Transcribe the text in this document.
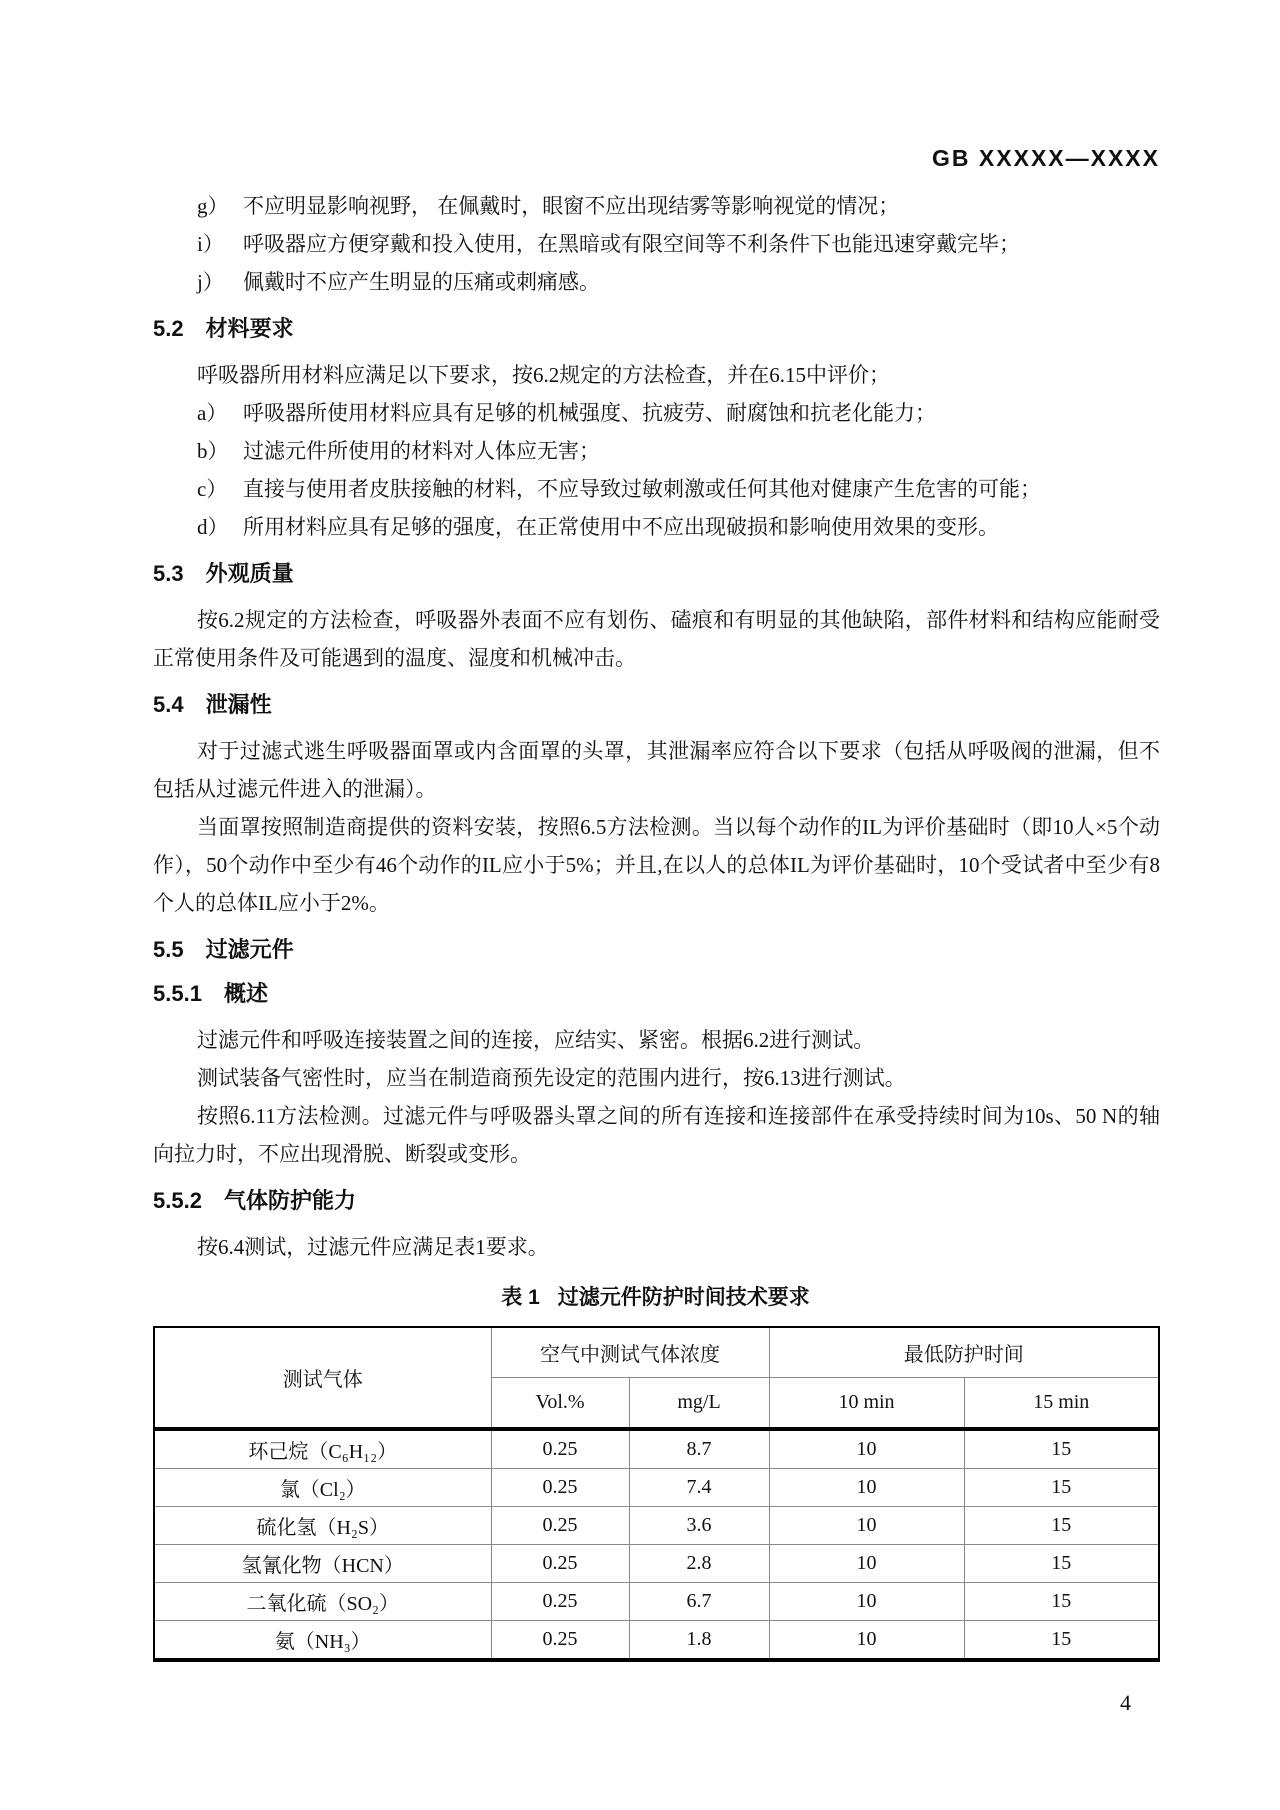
GB XXXXX—XXXX
g） 不应明显影响视野， 在佩戴时，眼窗不应出现结雾等影响视觉的情况；
i） 呼吸器应方便穿戴和投入使用，在黑暗或有限空间等不利条件下也能迅速穿戴完毕；
j） 佩戴时不应产生明显的压痛或刺痛感。
5.2 材料要求

呼吸器所用材料应满足以下要求，按6.2规定的方法检查，并在6.15中评价；

a） 呼吸器所使用材料应具有足够的机械强度、抗疲劳、耐腐蚀和抗老化能力；
b） 过滤元件所使用的材料对人体应无害；
c） 直接与使用者皮肤接触的材料，不应导致过敏刺激或任何其他对健康产生危害的可能；
d） 所用材料应具有足够的强度，在正常使用中不应出现破损和影响使用效果的变形。
5.3 外观质量

按6.2规定的方法检查，呼吸器外表面不应有划伤、磕痕和有明显的其他缺陷，部件材料和结构应能耐受正常使用条件及可能遇到的温度、湿度和机械冲击。

5.4 泄漏性

对于过滤式逃生呼吸器面罩或内含面罩的头罩，其泄漏率应符合以下要求（包括从呼吸阀的泄漏，但不包括从过滤元件进入的泄漏）。

当面罩按照制造商提供的资料安装，按照6.5方法检测。当以每个动作的IL为评价基础时（即10人×5个动作），50个动作中至少有46个动作的IL应小于5%；并且,在以人的总体IL为评价基础时，10个受试者中至少有8个人的总体IL应小于2%。

5.5 过滤元件
5.5.1 概述

过滤元件和呼吸连接装置之间的连接，应结实、紧密。根据6.2进行测试。

测试装备气密性时，应当在制造商预先设定的范围内进行，按6.13进行测试。

按照6.11方法检测。过滤元件与呼吸器头罩之间的所有连接和连接部件在承受持续时间为10s、50 N的轴向拉力时，不应出现滑脱、断裂或变形。

5.5.2 气体防护能力

按6.4测试，过滤元件应满足表1要求。

表 1 过滤元件防护时间技术要求
测试气体	空气中测试气体浓度		最低防护时间	
	Vol.%	mg/L	10 min	15 min
环己烷（C₆H₁₂）	0.25	8.7	10	15
氯（Cl₂）	0.25	7.4	10	15
硫化氢（H₂S）	0.25	3.6	10	15
氢氰化物（HCN）	0.25	2.8	10	15
二氧化硫（SO₂）	0.25	6.7	10	15
氨（NH₃）	0.25	1.8	10	15
4
